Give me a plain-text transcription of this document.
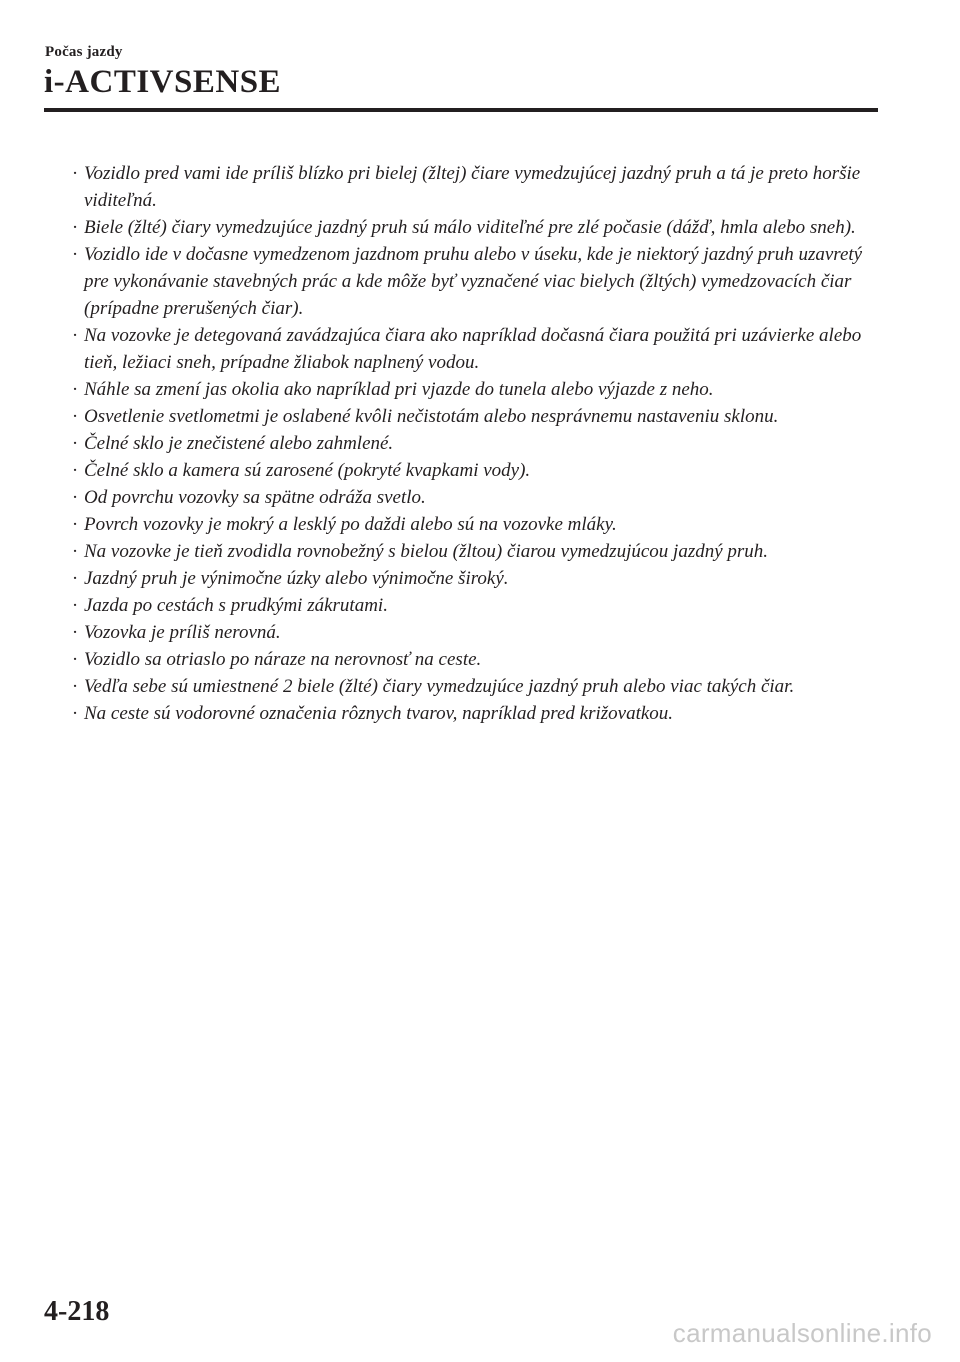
Počas jazdy
i-ACTIVSENSE
· Vozidlo pred vami ide príliš blízko pri bielej (žltej) čiare vymedzujúcej jazdný pruh a tá je preto horšie viditeľná.
· Biele (žlté) čiary vymedzujúce jazdný pruh sú málo viditeľné pre zlé počasie (dážď, hmla alebo sneh).
· Vozidlo ide v dočasne vymedzenom jazdnom pruhu alebo v úseku, kde je niektorý jazdný pruh uzavretý pre vykonávanie stavebných prác a kde môže byť vyznačené viac bielych (žltých) vymedzovacích čiar (prípadne prerušených čiar).
· Na vozovke je detegovaná zavádzajúca čiara ako napríklad dočasná čiara použitá pri uzávierke alebo tieň, ležiaci sneh, prípadne žliabok naplnený vodou.
· Náhle sa zmení jas okolia ako napríklad pri vjazde do tunela alebo výjazde z neho.
· Osvetlenie svetlometmi je oslabené kvôli nečistotám alebo nesprávnemu nastaveniu sklonu.
· Čelné sklo je znečistené alebo zahmlené.
· Čelné sklo a kamera sú zarosené (pokryté kvapkami vody).
· Od povrchu vozovky sa spätne odráža svetlo.
· Povrch vozovky je mokrý a lesklý po daždi alebo sú na vozovke mláky.
· Na vozovke je tieň zvodidla rovnobežný s bielou (žltou) čiarou vymedzujúcou jazdný pruh.
· Jazdný pruh je výnimočne úzky alebo výnimočne široký.
· Jazda po cestách s prudkými zákrutami.
· Vozovka je príliš nerovná.
· Vozidlo sa otriaslo po náraze na nerovnosť na ceste.
· Vedľa sebe sú umiestnené 2 biele (žlté) čiary vymedzujúce jazdný pruh alebo viac takých čiar.
· Na ceste sú vodorovné označenia rôznych tvarov, napríklad pred križovatkou.
4-218
carmanualsonline.info
